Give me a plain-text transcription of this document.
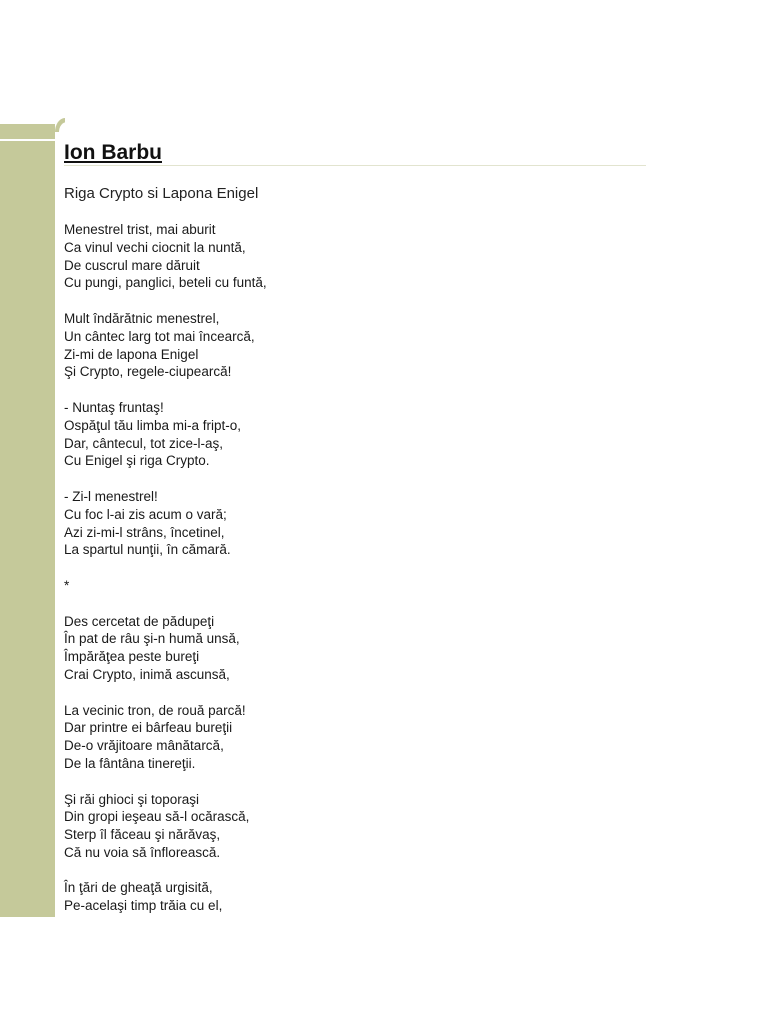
Ion Barbu
Riga Crypto si Lapona Enigel
Menestrel trist, mai aburit
Ca vinul vechi ciocnit la nuntă,
De cuscrul mare dăruit
Cu pungi, panglici, beteli cu funtă,
Mult îndărătnic menestrel,
Un cântec larg tot mai încearcă,
Zi-mi de lapona Enigel
Şi Crypto, regele-ciupearcă!
- Nuntaş fruntaş!
Ospăţul tău limba mi-a fript-o,
Dar, cântecul, tot zice-l-aş,
Cu Enigel şi riga Crypto.
- Zi-l menestrel!
Cu foc l-ai zis acum o vară;
Azi zi-mi-l strâns, încetinel,
La spartul nunţii, în cămară.
*
Des cercetat de păduреţi
În pat de râu şi-n humă unsă,
Împărăţea peste bureţi
Crai Crypto, inimă ascunsă,
La vecinic tron, de rouă parcă!
Dar printre ei bârfeau bureţii
De-o vrăjitoare mânătarcă,
De la fântâna tinereţii.
Şi răi ghioci şi toporaşi
Din gropi ieşeau să-l ocărască,
Sterp îl făceau şi nărăvaş,
Că nu voia să înflorească.
În ţări de gheaţă urgisită,
Pe-acelaşi timp trăia cu el,
